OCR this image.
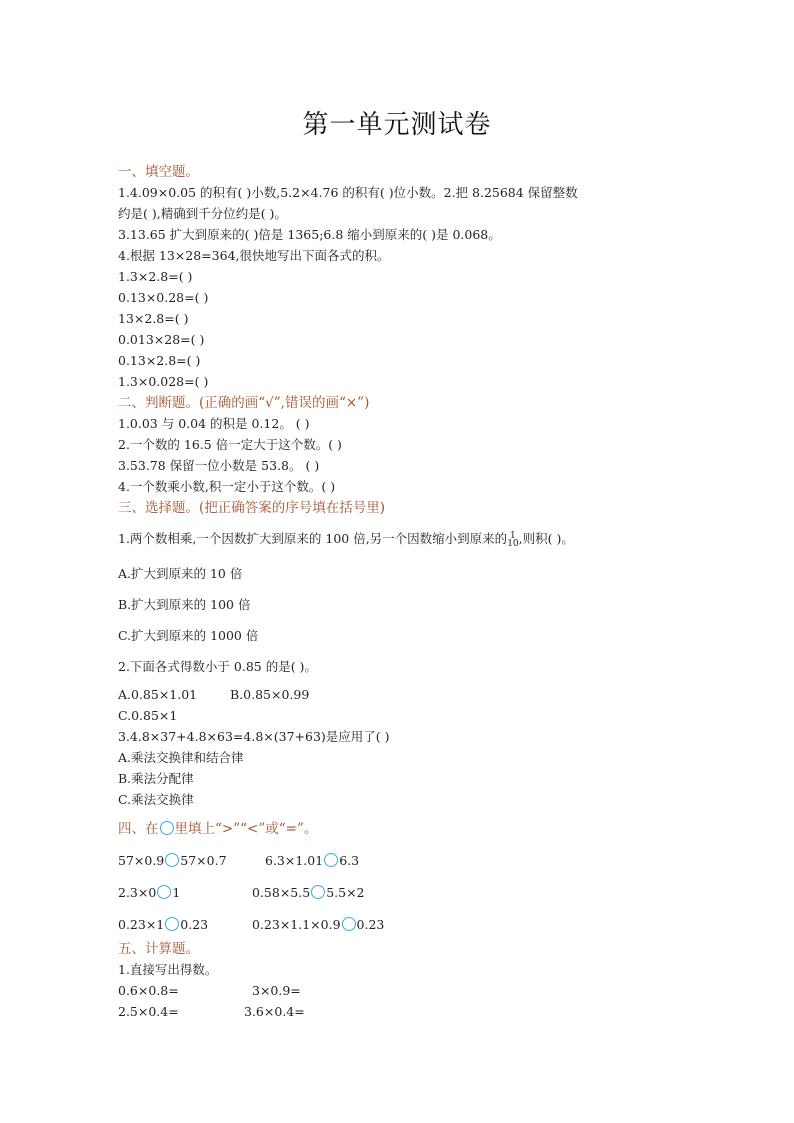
第一单元测试卷
一、填空题。
1.4.09×0.05 的积有( )小数,5.2×4.76 的积有( )位小数。2.把 8.25684 保留整数
约是( ),精确到千分位约是( )。
3.13.65 扩大到原来的( )倍是 1365;6.8 缩小到原来的( )是 0.068。
4.根据 13×28=364,很快地写出下面各式的积。
1.3×2.8=( )
0.13×0.28=( )
13×2.8=( )
0.013×28=( )
0.13×2.8=( )
1.3×0.028=( )
二、判断题。(正确的画“√”,错误的画“×”)
1.0.03 与 0.04 的积是 0.12。 ( )
2.一个数的 16.5 倍一定大于这个数。( )
3.53.78 保留一位小数是 53.8。 ( )
4.一个数乘小数,积一定小于这个数。( )
三、选择题。(把正确答案的序号填在括号里)
1.两个数相乘,一个因数扩大到原来的 100 倍,另一个因数缩小到原来的 1
10 ,则积( )。
A.扩大到原来的 10 倍
B.扩大到原来的 100 倍
C.扩大到原来的 1000 倍
2.下面各式得数小于 0.85 的是( )。
A.0.85×1.01	B.0.85×0.99
C.0.85×1
3.4.8×37+4.8×63=4.8×(37+63)是应用了( )
A.乘法交换律和结合律
B.乘法分配律
C.乘法交换律
四、在 里填上“>”“<”或“=”。
57×0.9 57×0.7	6.3×1.01 6.3
2.3×0 1	0.58×5.5 5.5×2
0.23×1 0.23	0.23×1.1×0.9 0.23
五、计算题。
1.直接写出得数。
0.6×0.8=	3×0.9=
2.5×0.4=	3.6×0.4=
